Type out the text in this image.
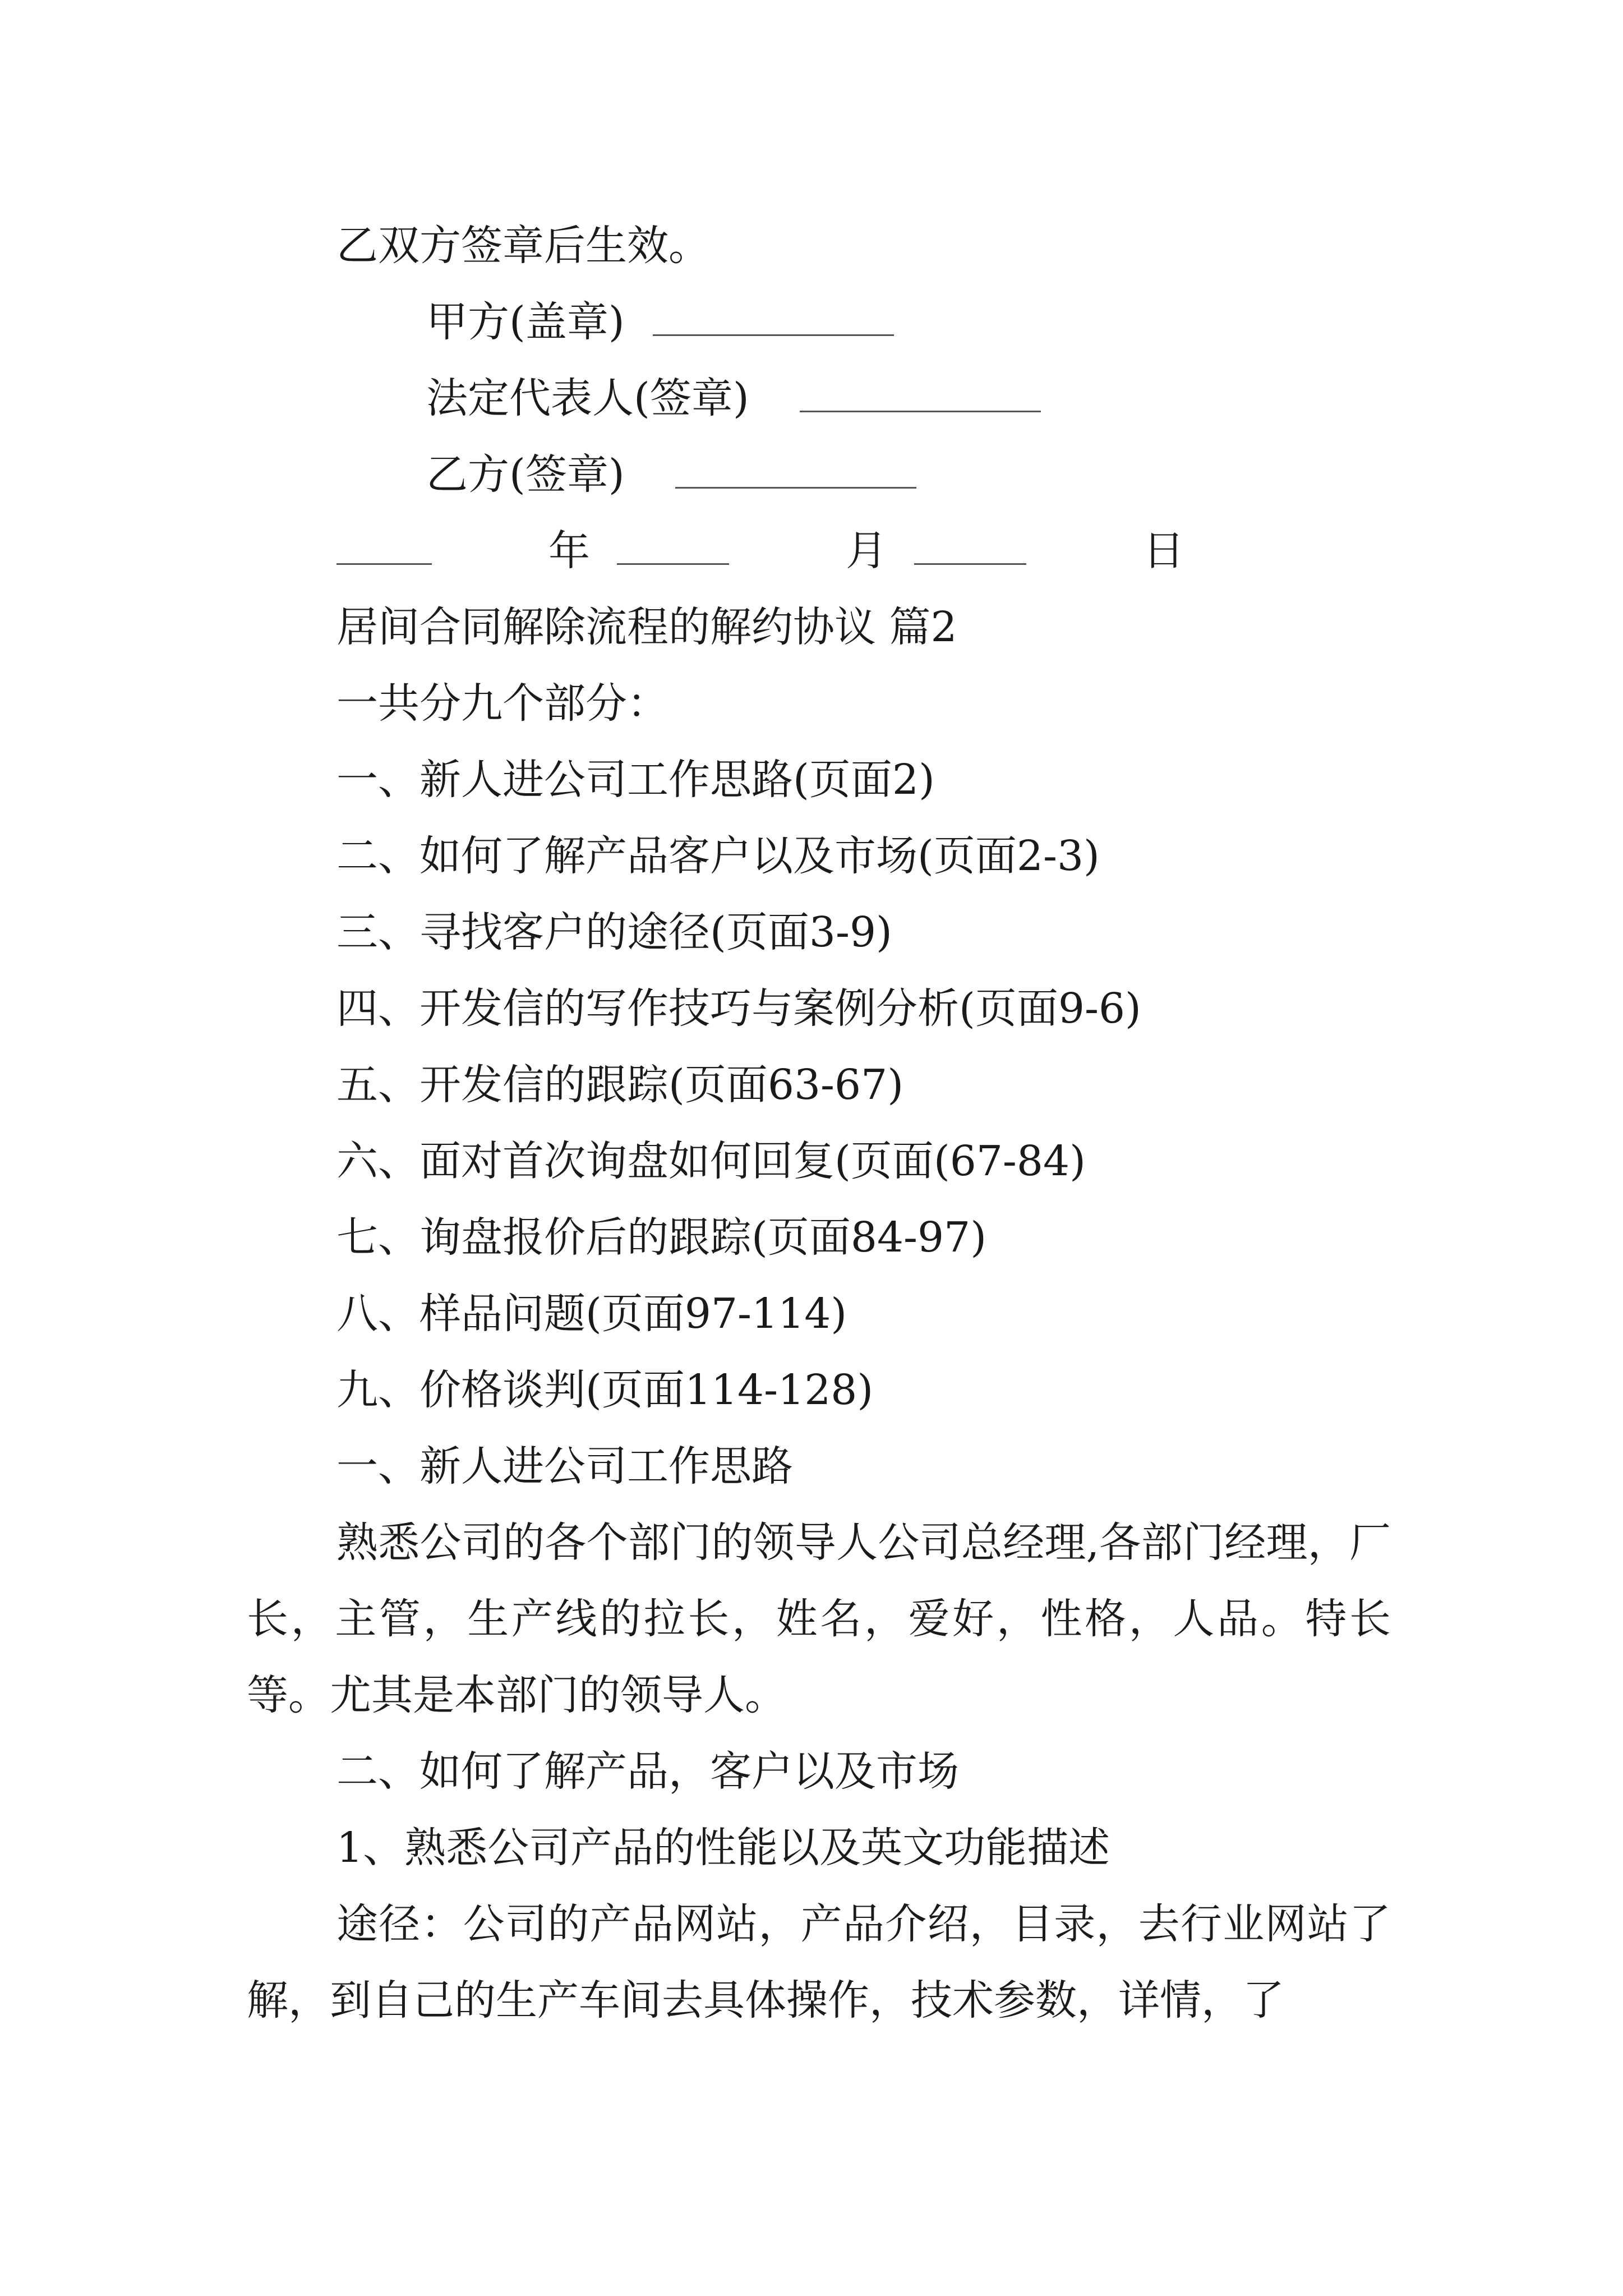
乙双方签章后生效。

甲方(盖章)

法定代表人(签章)

乙方(签章)

年	月	日

居间合同解除流程的解约协议 篇2

一共分九个部分：

一、新人进公司工作思路(页面2)

二、如何了解产品客户以及市场(页面2-3)

三、寻找客户的途径(页面3-9)

四、开发信的写作技巧与案例分析(页面9-6)

五、开发信的跟踪(页面63-67)

六、面对首次询盘如何回复(页面(67-84)

七、询盘报价后的跟踪(页面84-97)

八、样品问题(页面97-114)

九、价格谈判(页面114-128)

一、新人进公司工作思路

熟悉公司的各个部门的领导人公司总经理,各部门经理，厂长，主管，生产线的拉长，姓名，爱好，性格，人品。特长等。尤其是本部门的领导人。

二、如何了解产品，客户以及市场

1、熟悉公司产品的性能以及英文功能描述

途径：公司的产品网站，产品介绍，目录，去行业网站了解，到自己的生产车间去具体操作，技术参数，详情，了
